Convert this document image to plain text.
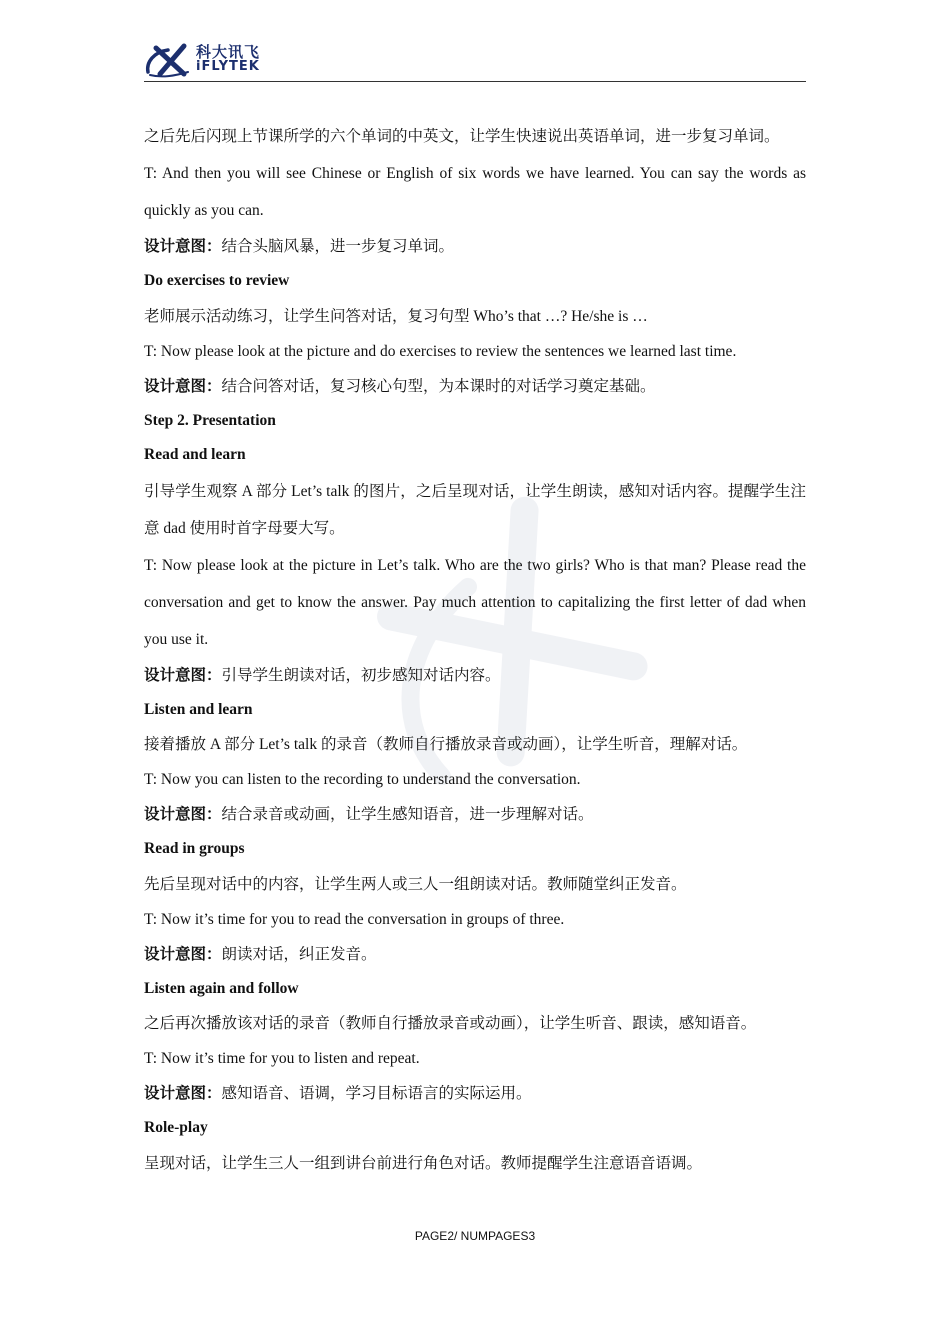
科大讯飞
iFLYTEK

之后先后闪现上节课所学的六个单词的中英文，让学生快速说出英语单词，进一步复习单词。

T: And then you will see Chinese or English of six words we have learned. You can say the words as quickly as you can.

设计意图：结合头脑风暴，进一步复习单词。

Do exercises to review

老师展示活动练习，让学生问答对话，复习句型 Who’s that …? He/she is …

T: Now please look at the picture and do exercises to review the sentences we learned last time.

设计意图：结合问答对话，复习核心句型，为本课时的对话学习奠定基础。

Step 2. Presentation

Read and learn

引导学生观察 A 部分 Let’s talk 的图片，之后呈现对话，让学生朗读，感知对话内容。提醒学生注意 dad 使用时首字母要大写。

T: Now please look at the picture in Let’s talk. Who are the two girls? Who is that man? Please read the conversation and get to know the answer. Pay much attention to capitalizing the first letter of dad when you use it.

设计意图：引导学生朗读对话，初步感知对话内容。

Listen and learn

接着播放 A 部分 Let’s talk 的录音（教师自行播放录音或动画），让学生听音，理解对话。

T: Now you can listen to the recording to understand the conversation.

设计意图：结合录音或动画，让学生感知语音，进一步理解对话。

Read in groups

先后呈现对话中的内容，让学生两人或三人一组朗读对话。教师随堂纠正发音。

T: Now it’s time for you to read the conversation in groups of three.

设计意图：朗读对话，纠正发音。

Listen again and follow

之后再次播放该对话的录音（教师自行播放录音或动画），让学生听音、跟读，感知语音。

T: Now it’s time for you to listen and repeat.

设计意图：感知语音、语调，学习目标语言的实际运用。

Role-play

呈现对话，让学生三人一组到讲台前进行角色对话。教师提醒学生注意语音语调。

PAGE2/ NUMPAGES3
